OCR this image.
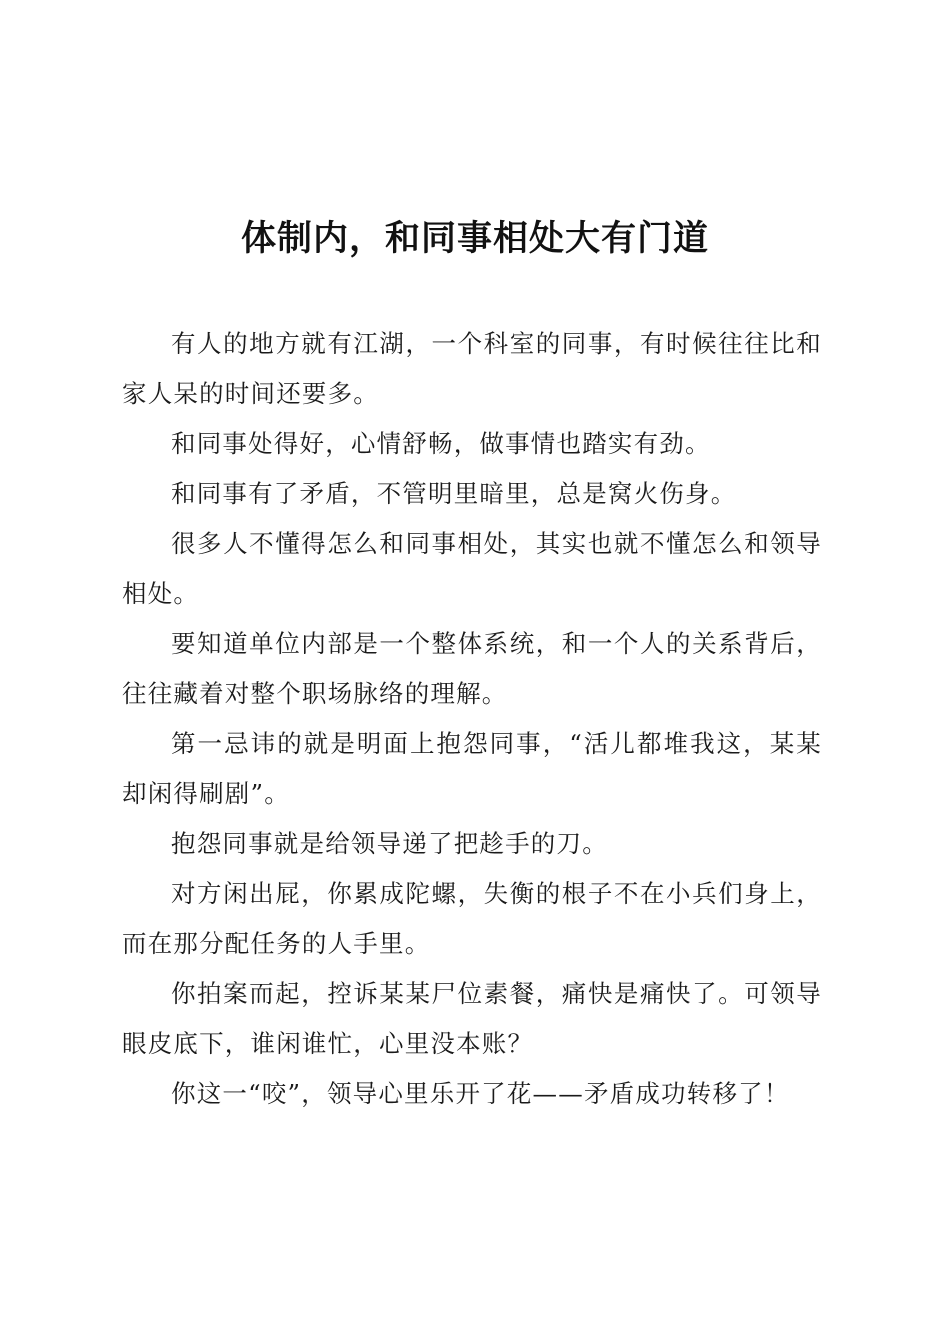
体制内，和同事相处大有门道

有人的地方就有江湖，一个科室的同事，有时候往往比和家人呆的时间还要多。

和同事处得好，心情舒畅，做事情也踏实有劲。

和同事有了矛盾，不管明里暗里，总是窝火伤身。

很多人不懂得怎么和同事相处，其实也就不懂怎么和领导相处。

要知道单位内部是一个整体系统，和一个人的关系背后，往往藏着对整个职场脉络的理解。

第一忌讳的就是明面上抱怨同事，“活儿都堆我这，某某却闲得刷剧”。

抱怨同事就是给领导递了把趁手的刀。

对方闲出屁，你累成陀螺，失衡的根子不在小兵们身上，而在那分配任务的人手里。

你拍案而起，控诉某某尸位素餐，痛快是痛快了。可领导眼皮底下，谁闲谁忙，心里没本账？

你这一“咬”，领导心里乐开了花——矛盾成功转移了！
